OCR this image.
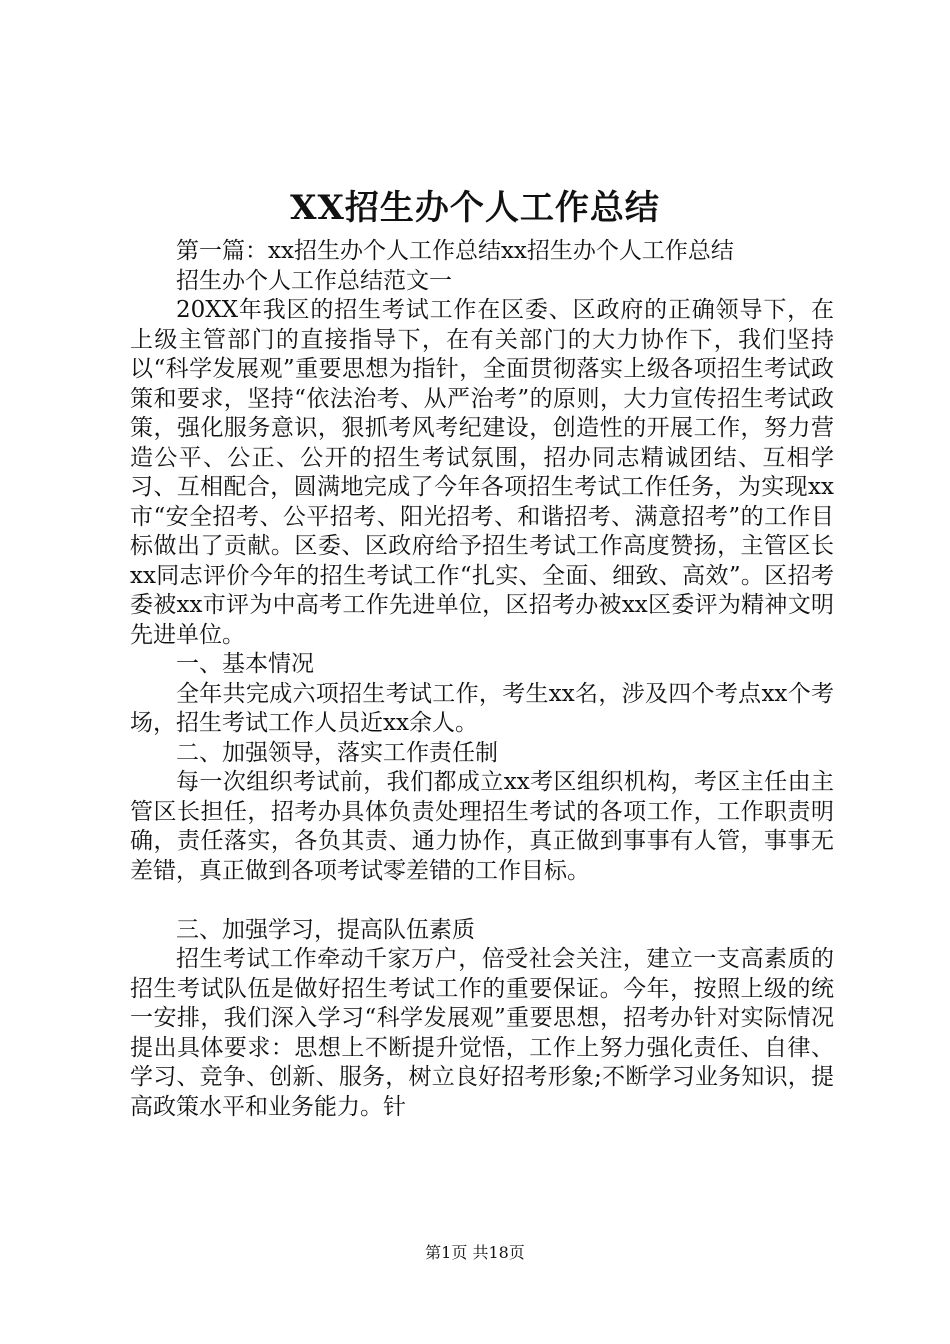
XX招生办个人工作总结

第一篇：xx招生办个人工作总结xx招生办个人工作总结

招生办个人工作总结范文一

20XX年我区的招生考试工作在区委、区政府的正确领导下，在上级主管部门的直接指导下，在有关部门的大力协作下，我们坚持以“科学发展观”重要思想为指针，全面贯彻落实上级各项招生考试政策和要求，坚持“依法治考、从严治考”的原则，大力宣传招生考试政策，强化服务意识，狠抓考风考纪建设，创造性的开展工作，努力营造公平、公正、公开的招生考试氛围，招办同志精诚团结、互相学习、互相配合，圆满地完成了今年各项招生考试工作任务，为实现xx市“安全招考、公平招考、阳光招考、和谐招考、满意招考”的工作目标做出了贡献。区委、区政府给予招生考试工作高度赞扬，主管区长xx同志评价今年的招生考试工作“扎实、全面、细致、高效”。区招考委被xx市评为中高考工作先进单位，区招考办被xx区委评为精神文明先进单位。

一、基本情况

全年共完成六项招生考试工作，考生xx名，涉及四个考点xx个考场，招生考试工作人员近xx余人。

二、加强领导，落实工作责任制

每一次组织考试前，我们都成立xx考区组织机构，考区主任由主管区长担任，招考办具体负责处理招生考试的各项工作，工作职责明确，责任落实，各负其责、通力协作，真正做到事事有人管，事事无差错，真正做到各项考试零差错的工作目标。

三、加强学习，提高队伍素质

招生考试工作牵动千家万户，倍受社会关注，建立一支高素质的招生考试队伍是做好招生考试工作的重要保证。今年，按照上级的统一安排，我们深入学习“科学发展观”重要思想，招考办针对实际情况提出具体要求：思想上不断提升觉悟，工作上努力强化责任、自律、学习、竞争、创新、服务，树立良好招考形象;不断学习业务知识，提高政策水平和业务能力。针

第1页 共18页
